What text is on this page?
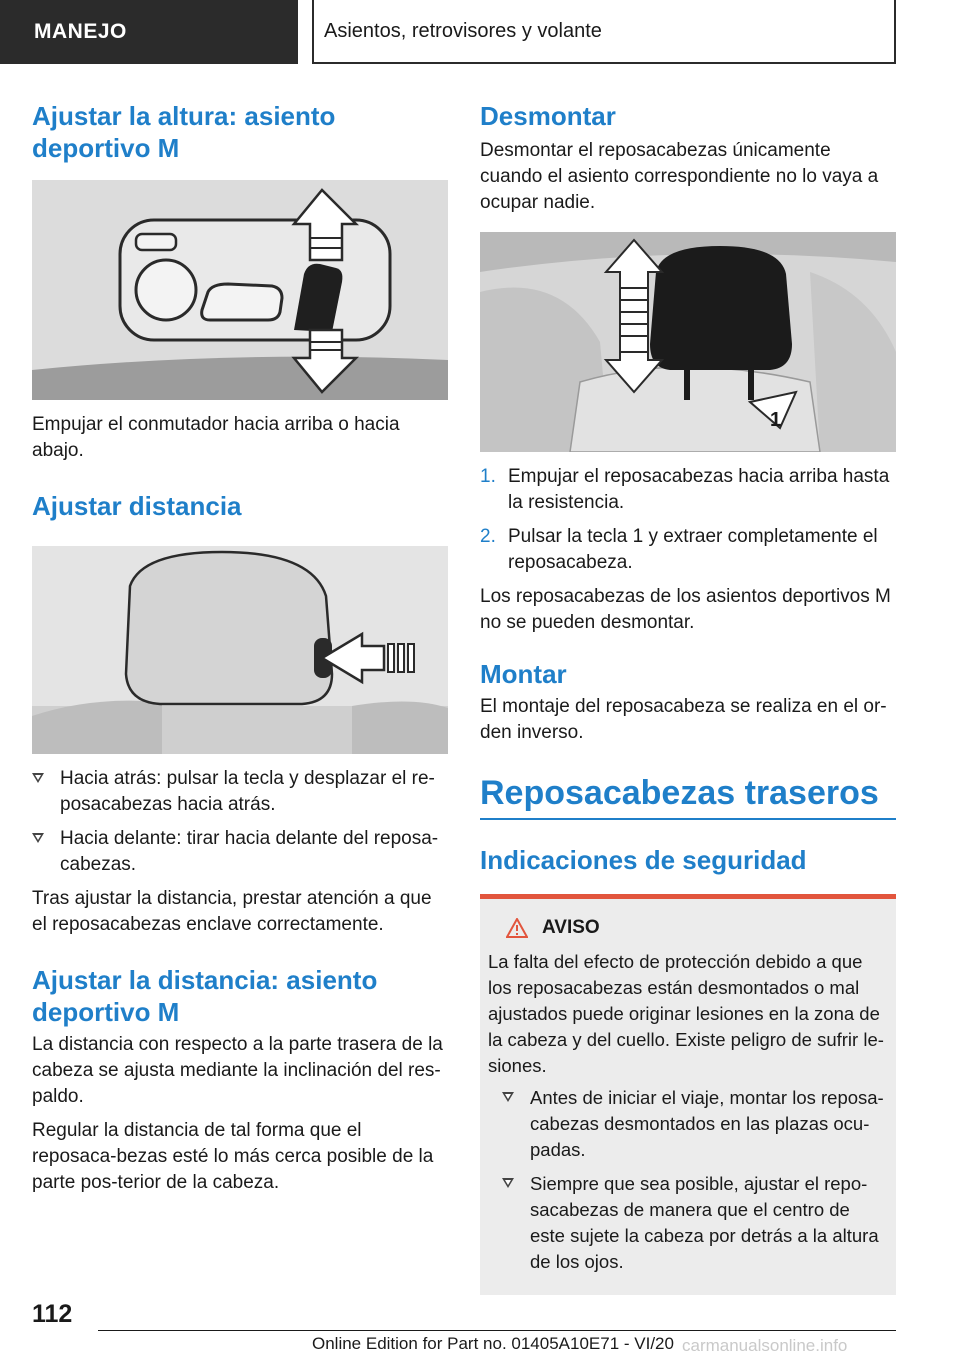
MANEJO	Asientos, retrovisores y volante
Ajustar la altura: asiento deportivo M

Empujar el conmutador hacia arriba o hacia abajo.

Ajustar distancia
Hacia atrás: pulsar la tecla y desplazar el re-posacabezas hacia atrás.
Hacia delante: tirar hacia delante del reposa-cabezas.

Tras ajustar la distancia, prestar atención a que el reposacabezas enclave correctamente.

Ajustar la distancia: asiento deportivo M

La distancia con respecto a la parte trasera de la cabeza se ajusta mediante la inclinación del res-paldo.

Regular la distancia de tal forma que el reposaca-bezas esté lo más cerca posible de la parte pos-terior de la cabeza.

Desmontar

Desmontar el reposacabezas únicamente cuando el asiento correspondiente no lo vaya a ocupar nadie.

1
1. Empujar el reposacabezas hacia arriba hasta la resistencia.
2. Pulsar la tecla 1 y extraer completamente el reposacabeza.

Los reposacabezas de los asientos deportivos M no se pueden desmontar.

Montar

El montaje del reposacabeza se realiza en el or-den inverso.

Reposacabezas traseros
Indicaciones de seguridad
AVISO

La falta del efecto de protección debido a que los reposacabezas están desmontados o mal ajustados puede originar lesiones en la zona de la cabeza y del cuello. Existe peligro de sufrir le-siones.

Antes de iniciar el viaje, montar los reposa-cabezas desmontados en las plazas ocu-padas.
Siempre que sea posible, ajustar el repo-sacabezas de manera que el centro de este sujete la cabeza por detrás a la altura de los ojos.
112
Online Edition for Part no. 01405A10E71 - VI/20 carmanualsonline.info
